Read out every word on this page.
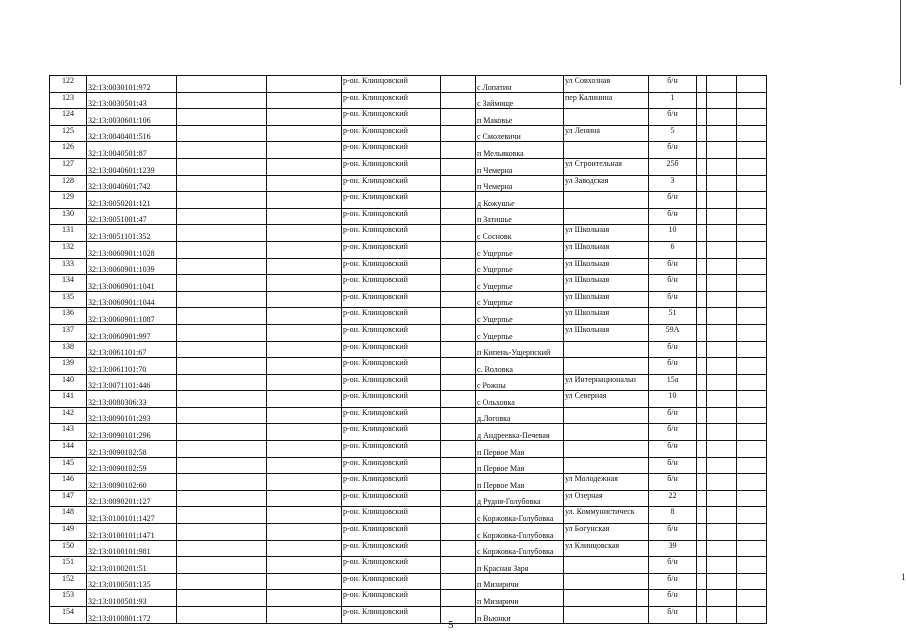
122	32:13:0030101:972			р-он. Клинцовский		с Лопатин	ул Совхозная	б/н			
123	32:13:0030501:43			р-он. Клинцовский		с Займище	пер Калинина	1			
124	32:13:0030601:106			р-он. Клинцовский		п Маковье		б/н			
125	32:13:0040401:516			р-он. Клинцовский		с Смолевичи	ул Ленина	5			
126	32:13:0040501:87			р-он. Клинцовский		п Мельяковка		б/н			
127	32:13:0040601:1239			р-он. Клинцовский		п Чемерна	ул Строительная	25б			
128	32:13:0040601:742			р-он. Клинцовский		п Чемерна	ул Заводская	3			
129	32:13:0050201:121			р-он. Клинцовский		д Кожушье		б/н			
130	32:13:0051001:47			р-он. Клинцовский		п Затишье		б/н			
131	32:13:0051101:352			р-он. Клинцовский		с Сосновк	ул Школьная	10			
132	32:13:0060901:1028			р-он. Клинцовский		с Ущерпье	ул Школьная	6			
133	32:13:0060901:1039			р-он. Клинцовский		с Ущерпье	ул Школьная	б/н			
134	32:13:0060901:1041			р-он. Клинцовский		с Ущерпье	ул Школьная	б/н			
135	32:13:0060901:1044			р-он. Клинцовский		с Ущерпье	ул Школьная	б/н			
136	32:13:0060901:1087			р-он. Клинцовский		с Ущерпье	ул Школьная	51			
137	32:13:0060901:997			р-он. Клинцовский		с Ущерпье	ул Школьная	59А			
138	32:13:0061101:67			р-он. Клинцовский		п Кипень-Ущерпский		б/н			
139	32:13:0061101:70			р-он. Клинцовский		с. Воловка		б/н			
140	32:13:0071101:446			р-он. Клинцовский		с Рожны	ул Интернациональн	15а			
141	32:13:0080306:33			р-он. Клинцовский		с Ольховка	ул Северная	10			
142	32:13:0090101:293			р-он. Клинцовский		д.Логовка		б/н			
143	32:13:0090101:296			р-он. Клинцовский		д Андреевка-Печевая		б/н			
144	32:13:0090102:58			р-он. Клинцовский		п Первое Мая		б/н			
145	32:13:0090102:59			р-он. Клинцовский		п Первое Мая		б/н			
146	32:13:0090102:60			р-он. Клинцовский		п Первое Мая	ул Молодежная	б/н			
147	32:13:0090201:127			р-он. Клинцовский		д Рудня-Голубовка	ул Озерная	22			
148	32:13:0100101:1427			р-он. Клинцовский		с Коржовка-Голубовка	ул. Коммунистическ	8			
149	32:13:0100101:1471			р-он. Клинцовский		с Коржовка-Голубовка	ул Богунская	б/н			
150	32:13:0100101:981			р-он. Клинцовский		с Коржовка-Голубовка	ул Клинцовская	39			
151	32:13:0100201:51			р-он. Клинцовский		п Красная Заря		б/н			
152	32:13:0100501:135			р-он. Клинцовский		п Мизиричи		б/н			
153	32:13:0100501:93			р-он. Клинцовский		п Мизиричи		б/н			
154	32:13:0100801:172			р-он. Клинцовский		п Вьюнки		б/н			
5
1
